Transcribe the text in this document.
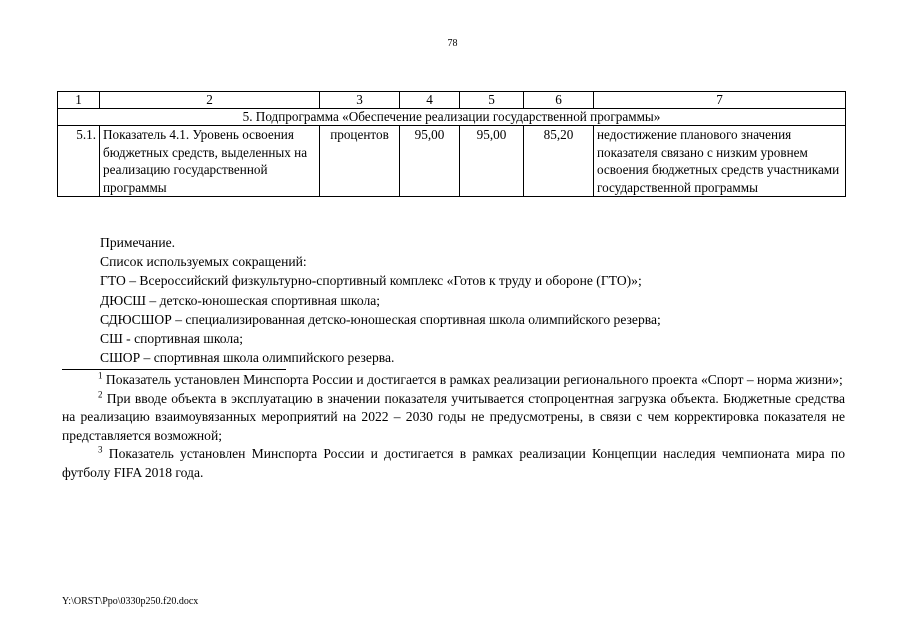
78
1	2	3	4	5	6	7
5. Подпрограмма «Обеспечение реализации государственной программы»						
5.1.	Показатель 4.1. Уровень освоения бюджетных средств, выделенных на реализацию государственной программы	процентов	95,00	95,00	85,20	недостижение планового значения показателя связано с низким уровнем освоения бюджетных средств участниками государственной программы
Примечание.
Список используемых сокращений:
ГТО – Всероссийский физкультурно-спортивный комплекс «Готов к труду и обороне (ГТО)»;
ДЮСШ – детско-юношеская спортивная школа;
СДЮСШОР – специализированная детско-юношеская спортивная школа олимпийского резерва;
СШ - спортивная школа;
СШОР – спортивная школа олимпийского резерва.

$^1$ Показатель установлен Минспорта России и достигается в рамках реализации регионального проекта «Спорт – норма жизни»;

$^2$ При вводе объекта в эксплуатацию в значении показателя учитывается стопроцентная загрузка объекта. Бюджетные средства на реализацию взаимоувязанных мероприятий на 2022 – 2030 годы не предусмотрены, в связи с чем корректировка показателя не представляется возможной;

$^3$ Показатель установлен Минспорта России и достигается в рамках реализации Концепции наследия чемпионата мира по футболу FIFA 2018 года.

Y:\ORST\Ppo\0330p250.f20.docx
